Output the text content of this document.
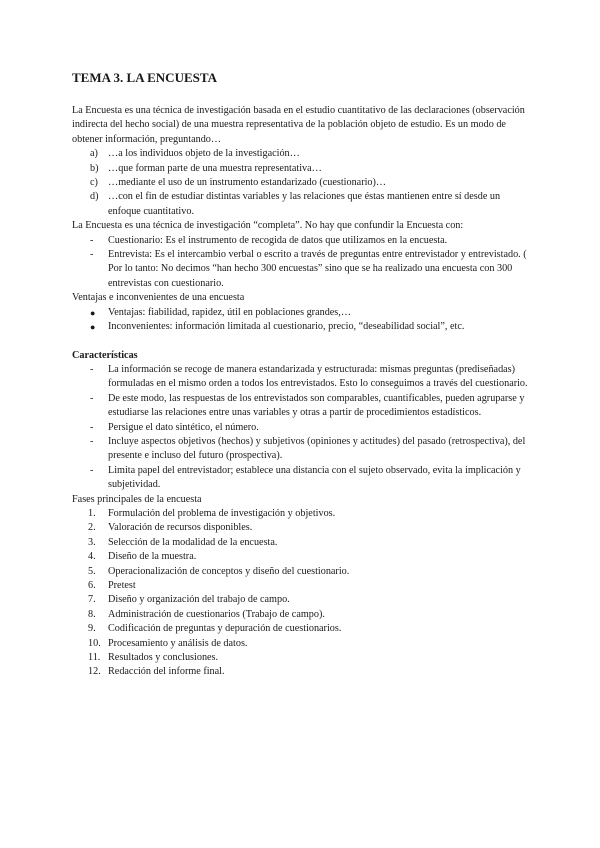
TEMA 3. LA ENCUESTA

La Encuesta es una técnica de investigación basada en el estudio cuantitativo de las declaraciones (observación indirecta del hecho social) de una muestra representativa de la población objeto de estudio. Es un modo de obtener información, preguntando…

a) …a los individuos objeto de la investigación…
b) …que forman parte de una muestra representativa…
c) …mediante el uso de un instrumento estandarizado (cuestionario)…
d) …con el fin de estudiar distintas variables y las relaciones que éstas mantienen entre sí desde un enfoque cuantitativo.

La Encuesta es una técnica de investigación “completa”. No hay que confundir la Encuesta con:

- Cuestionario: Es el instrumento de recogida de datos que utilizamos en la encuesta.
- Entrevista: Es el intercambio verbal o escrito a través de preguntas entre entrevistador y entrevistado. ( Por lo tanto: No decimos “han hecho 300 encuestas” sino que se ha realizado una encuesta con 300 entrevistas con cuestionario.

Ventajas e inconvenientes de una encuesta

● Ventajas: fiabilidad, rapidez, útil en poblaciones grandes,…
● Inconvenientes: información limitada al cuestionario, precio, “deseabilidad social”, etc.

Características

- La información se recoge de manera estandarizada y estructurada: mismas preguntas (prediseñadas) formuladas en el mismo orden a todos los entrevistados. Esto lo conseguimos a través del cuestionario.
- De este modo, las respuestas de los entrevistados son comparables, cuantificables, pueden agruparse y estudiarse las relaciones entre unas variables y otras a partir de procedimientos estadísticos.
- Persigue el dato sintético, el número.
- Incluye aspectos objetivos (hechos) y subjetivos (opiniones y actitudes) del pasado (retrospectiva), del presente e incluso del futuro (prospectiva).
- Limita papel del entrevistador; establece una distancia con el sujeto observado, evita la implicación y subjetividad.

Fases principales de la encuesta

1. Formulación del problema de investigación y objetivos.
2. Valoración de recursos disponibles.
3. Selección de la modalidad de la encuesta.
4. Diseño de la muestra.
5. Operacionalización de conceptos y diseño del cuestionario.
6. Pretest
7. Diseño y organización del trabajo de campo.
8. Administración de cuestionarios (Trabajo de campo).
9. Codificación de preguntas y depuración de cuestionarios.
10. Procesamiento y análisis de datos.
11. Resultados y conclusiones.
12. Redacción del informe final.
